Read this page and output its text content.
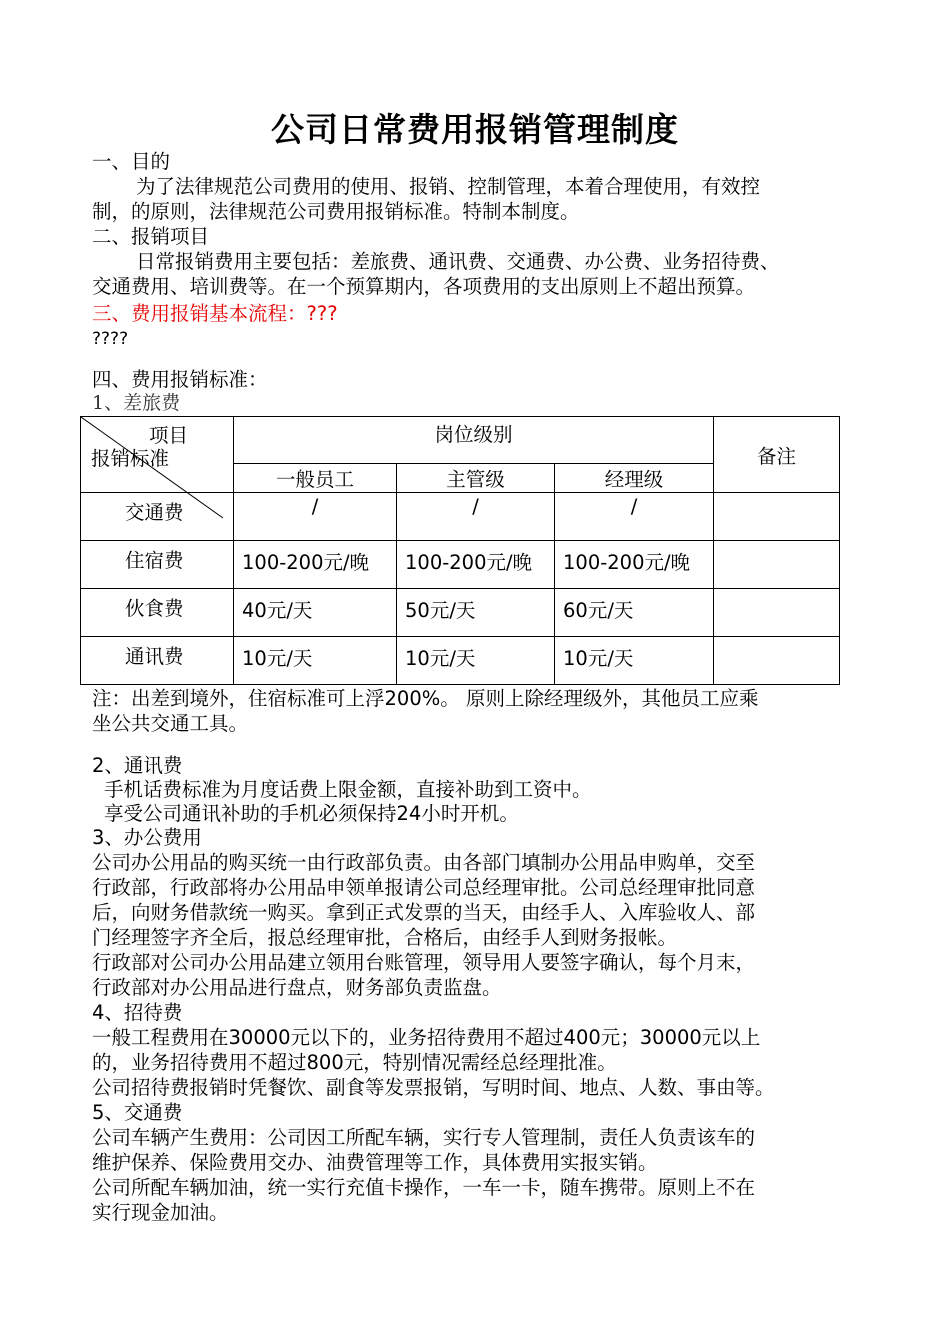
公司日常费用报销管理制度
一、目的
为了法律规范公司费用的使用、报销、控制管理，本着合理使用，有效控
制，的原则，法律规范公司费用报销标准。特制本制度。
二、报销项目
日常报销费用主要包括：差旅费、通讯费、交通费、办公费、业务招待费、
交通费用、培训费等。在一个预算期内，各项费用的支出原则上不超出预算。
三、费用报销基本流程：???
????
四、费用报销标准：
1、差旅费
项目
报销标准	岗位级别			备注
	一般员工	主管级	经理级	
交通费	/	/	/	
住宿费	100-200元/晚	100-200元/晚	100-200元/晚	
伙食费	40元/天	50元/天	60元/天	
通讯费	10元/天	10元/天	10元/天	
注：出差到境外，住宿标准可上浮200%。 原则上除经理级外，其他员工应乘
坐公共交通工具。
2、通讯费
手机话费标准为月度话费上限金额，直接补助到工资中。
享受公司通讯补助的手机必须保持24小时开机。
3、办公费用
公司办公用品的购买统一由行政部负责。由各部门填制办公用品申购单，交至
行政部，行政部将办公用品申领单报请公司总经理审批。公司总经理审批同意
后，向财务借款统一购买。拿到正式发票的当天，由经手人、入库验收人、部
门经理签字齐全后，报总经理审批，合格后，由经手人到财务报帐。
行政部对公司办公用品建立领用台账管理，领导用人要签字确认，每个月末，
行政部对办公用品进行盘点，财务部负责监盘。
4、招待费
一般工程费用在30000元以下的，业务招待费用不超过400元；30000元以上
的，业务招待费用不超过800元，特别情况需经总经理批准。
公司招待费报销时凭餐饮、副食等发票报销，写明时间、地点、人数、事由等。
5、交通费
公司车辆产生费用：公司因工所配车辆，实行专人管理制，责任人负责该车的
维护保养、保险费用交办、油费管理等工作，具体费用实报实销。
公司所配车辆加油，统一实行充值卡操作，一车一卡，随车携带。原则上不在
实行现金加油。
